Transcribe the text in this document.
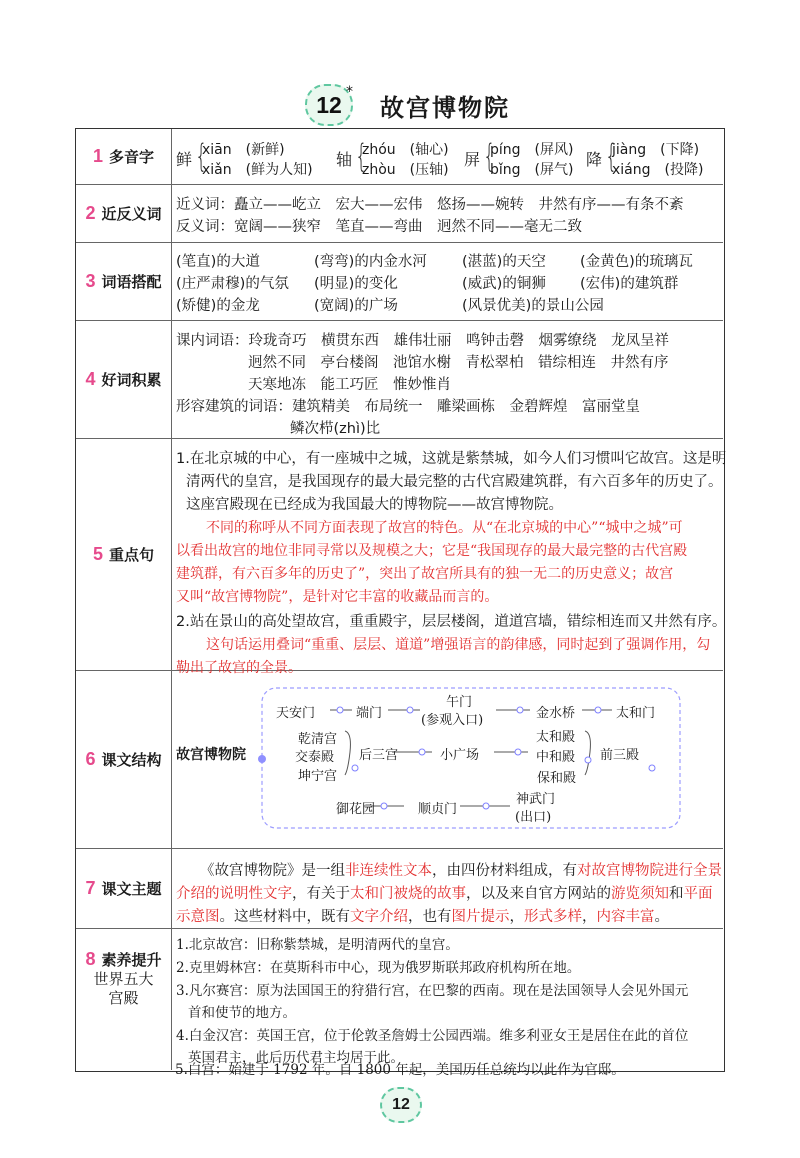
12 *
故宫博物院
1 多音字 鲜 {
xiān　(新鲜)
xiǎn　(鲜为人知)
轴 {
zhóu　(轴心)
zhòu　(压轴)
屏 {
píng　(屏风)
bǐng　(屏气)
降 {
jiàng　(下降)
xiáng　(投降)
2 近反义词 近义词：矗立——屹立　宏大——宏伟　悠扬——婉转　井然有序——有条不紊
反义词：宽阔——狭窄　笔直——弯曲　迥然不同——毫无二致
3 词语搭配
(笔直)的大道	(弯弯)的内金水河 (湛蓝)的天空 (金黄色)的琉璃瓦
(庄严肃穆)的气氛 (明显)的变化	(威武)的铜狮 (宏伟)的建筑群
(矫健)的金龙	(宽阔)的广场	(风景优美)的景山公园
4 好词积累
课内词语：玲珑奇巧　横贯东西　雄伟壮丽　鸣钟击磬　烟雾缭绕　龙凤呈祥
迥然不同　亭台楼阁　池馆水榭　青松翠柏　错综相连　井然有序
天寒地冻　能工巧匠　惟妙惟肖
形容建筑的词语：建筑精美　布局统一　雕梁画栋　金碧辉煌　富丽堂皇
鳞次栉(zhì)比
5 重点句
1.在北京城的中心，有一座城中之城，这就是紫禁城，如今人们习惯叫它故宫。这是明
清两代的皇宫，是我国现存的最大最完整的古代宫殿建筑群，有六百多年的历史了。
这座宫殿现在已经成为我国最大的博物院——故宫博物院。
不同的称呼从不同方面表现了故宫的特色。从“在北京城的中心”“城中之城”可
以看出故宫的地位非同寻常以及规模之大；它是“我国现存的最大最完整的古代宫殿
建筑群，有六百多年的历史了”，突出了故宫所具有的独一无二的历史意义；故宫
又叫“故宫博物院”，是针对它丰富的收藏品而言的。
2.站在景山的高处望故宫，重重殿宇，层层楼阁，道道宫墙，错综相连而又井然有序。
这句话运用叠词“重重、层层、道道”增强语言的韵律感，同时起到了强调作用，勾
勒出了故宫的全景。
6 课文结构
7 课文主题
《故宫博物院》是一组非连续性文本，由四份材料组成，有对故宫博物院进行全景
介绍的说明性文字，有关于太和门被烧的故事，以及来自官方网站的游览须知和平面
示意图。这些材料中，既有文字介绍，也有图片提示，形式多样，内容丰富。
8 素养提升
世界五大
宫殿
1.北京故宫：旧称紫禁城，是明清两代的皇宫。
2.克里姆林宫：在莫斯科市中心，现为俄罗斯联邦政府机构所在地。
3.凡尔赛宫：原为法国国王的狩猎行宫，在巴黎的西南。现在是法国领导人会见外国元
首和使节的地方。
4.白金汉宫：英国王宫，位于伦敦圣詹姆士公园西端。维多利亚女王是居住在此的首位
英国君主，此后历代君主均居于此。
5.白宫：始建于 1792 年。自 1800 年起，美国历任总统均以此作为官邸。
故宫博物院
天安门	端门
午门
(参观入口)	金水桥	太和门
乾清宫
交泰殿
坤宁宫
后三宫	小广场
太和殿
中和殿
保和殿
前三殿
御花园	顺贞门
神武门
(出口)
12
